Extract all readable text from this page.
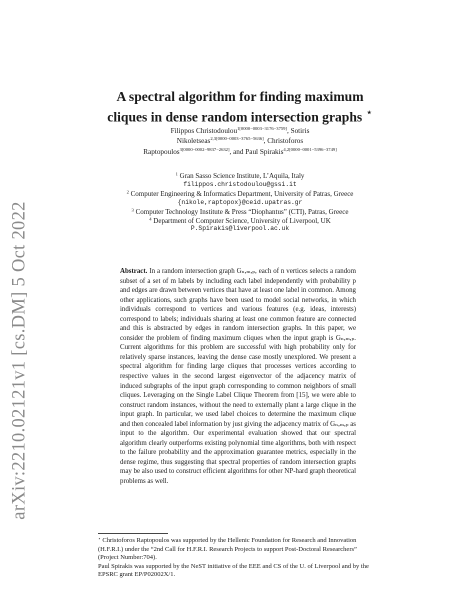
arXiv:2210.02121v1 [cs.DM] 5 Oct 2022
A spectral algorithm for finding maximum
cliques in dense random intersection graphs ⋆
Filippos Christodoulou$^{1[0000-0003-3176-3759]}$, Sotiris
Nikoletseas$^{2,3[0000-0003-3765-5636]}$, Christoforos
Raptopoulos$^{3[0000-0002-9837-2632]}$, and Paul Spirakis$^{4,2[0000-0001-5396-3749]}$

$^1$ Gran Sasso Science Institute, L’Aquila, Italy

filippos.christodoulou@gssi.it

$^2$ Computer Engineering & Informatics Department, University of Patras, Greece

{nikole,raptopox}@ceid.upatras.gr

$^3$ Computer Technology Institute & Press “Diophantus” (CTI), Patras, Greece

$^4$ Department of Computer Science, University of Liverpool, UK

P.Spirakis@liverpool.ac.uk

Abstract. In a random intersection graph Gₙ,ₘ,ₚ, each of n vertices selects a random subset of a set of m labels by including each label independently with probability p and edges are drawn between vertices that have at least one label in common. Among other applications, such graphs have been used to model social networks, in which individuals correspond to vertices and various features (e.g. ideas, interests) correspond to labels; individuals sharing at least one common feature are connected and this is abstracted by edges in random intersection graphs. In this paper, we consider the problem of finding maximum cliques when the input graph is Gₙ,ₘ,ₚ. Current algorithms for this problem are successful with high probability only for relatively sparse instances, leaving the dense case mostly unexplored. We present a spectral algorithm for finding large cliques that processes vertices according to respective values in the second largest eigenvector of the adjacency matrix of induced subgraphs of the input graph corresponding to common neighbors of small cliques. Leveraging on the Single Label Clique Theorem from [15], we were able to construct random instances, without the need to externally plant a large clique in the input graph. In particular, we used label choices to determine the maximum clique and then concealed label information by just giving the adjacency matrix of Gₙ,ₘ,ₚ as input to the algorithm. Our experimental evaluation showed that our spectral algorithm clearly outperforms existing polynomial time algorithms, both with respect to the failure probability and the approximation guarantee metrics, especially in the dense regime, thus suggesting that spectral properties of random intersection graphs may be also used to construct efficient algorithms for other NP-hard graph theoretical problems as well.

⋆ Christoforos Raptopoulos was supported by the Hellenic Foundation for Research and Innovation (H.F.R.I.) under the “2nd Call for H.F.R.I. Research Projects to support Post-Doctoral Researchers” (Project Number:704).

Paul Spirakis was supported by the NeST initiative of the EEE and CS of the U. of Liverpool and by the EPSRC grant EP/P02002X/1.
